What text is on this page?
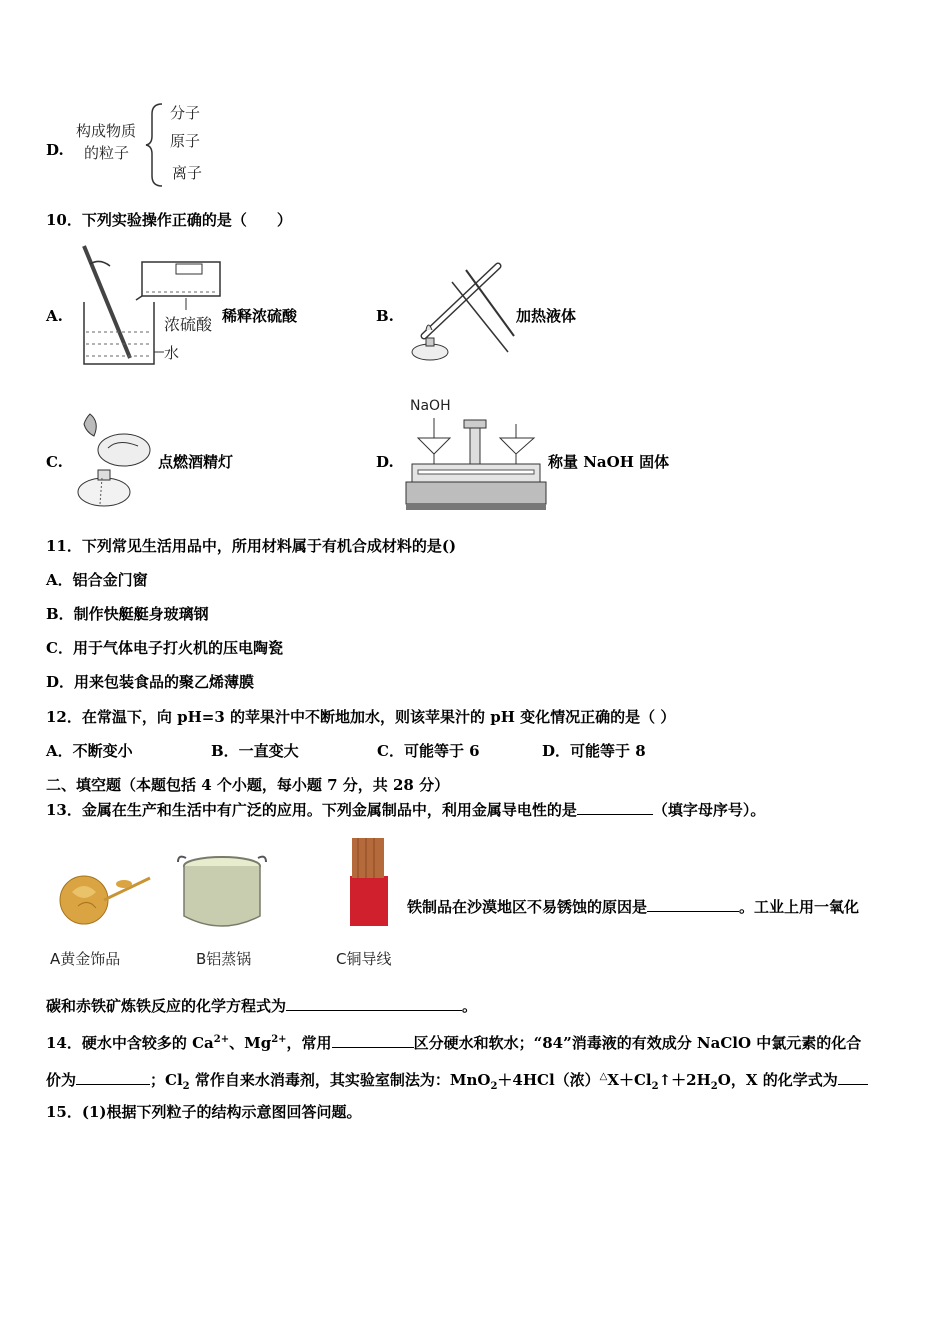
D.
构成物质
的粒子
分子
原子
离子
10．下列实验操作正确的是（　　）
A.	浓硫酸
水
稀释浓硫酸	B.	加热液体
C.	点燃酒精灯	D.
NaOH
称量 NaOH 固体
11．下列常见生活用品中，所用材料属于有机合成材料的是()
A．铝合金门窗
B．制作快艇艇身玻璃钢
C．用于气体电子打火机的压电陶瓷
D．用来包装食品的聚乙烯薄膜
12．在常温下，向 pH=3 的苹果汁中不断地加水，则该苹果汁的 pH 变化情况正确的是（ ）
A．不断变小	B．一直变大	C．可能等于 6	D．可能等于 8
二、填空题（本题包括 4 个小题，每小题 7 分，共 28 分）
13．金属在生产和生活中有广泛的应用。下列金属制品中，利用金属导电性的是	（填字母序号）。
A黄金饰品	B铝蒸锅	C铜导线
铁制品在沙漠地区不易锈蚀的原因是	。工业上用一氧化
碳和赤铁矿炼铁反应的化学方程式为	。
14．硬水中含较多的 $Ca^{2+}$、$Mg^{2+}$，常用	区分硬水和软水；“84”消毒液的有效成分 NaClO 中氯元素的化合
价为	；$Cl_2$ 常作自来水消毒剂，其实验室制法为：MnO$_2$＋4HCl（浓）$^\triangle X+Cl_2↑+2H_2O$，X 的化学式为
15．(1)根据下列粒子的结构示意图回答问题。
